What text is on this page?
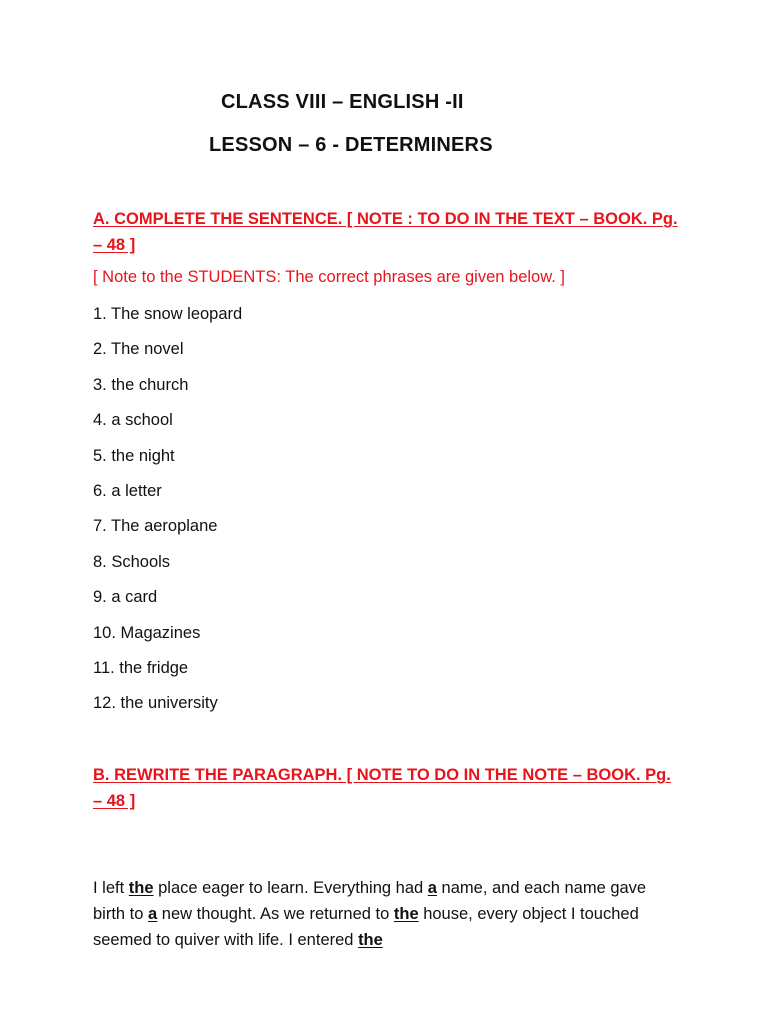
CLASS VIII – ENGLISH -II
LESSON – 6 - DETERMINERS
A. COMPLETE THE SENTENCE. [ NOTE : TO DO IN THE TEXT – BOOK. Pg. – 48 ]
[ Note to the STUDENTS: The correct phrases are given below. ]
1. The snow leopard
2. The novel
3. the church
4. a school
5. the night
6. a letter
7. The aeroplane
8. Schools
9. a card
10. Magazines
11. the fridge
12. the university
B. REWRITE THE PARAGRAPH. [ NOTE TO DO IN THE NOTE – BOOK. Pg. – 48 ]

I left the place eager to learn. Everything had a name, and each name gave birth to a new thought. As we returned to the house, every object I touched seemed to quiver with life. I entered the
